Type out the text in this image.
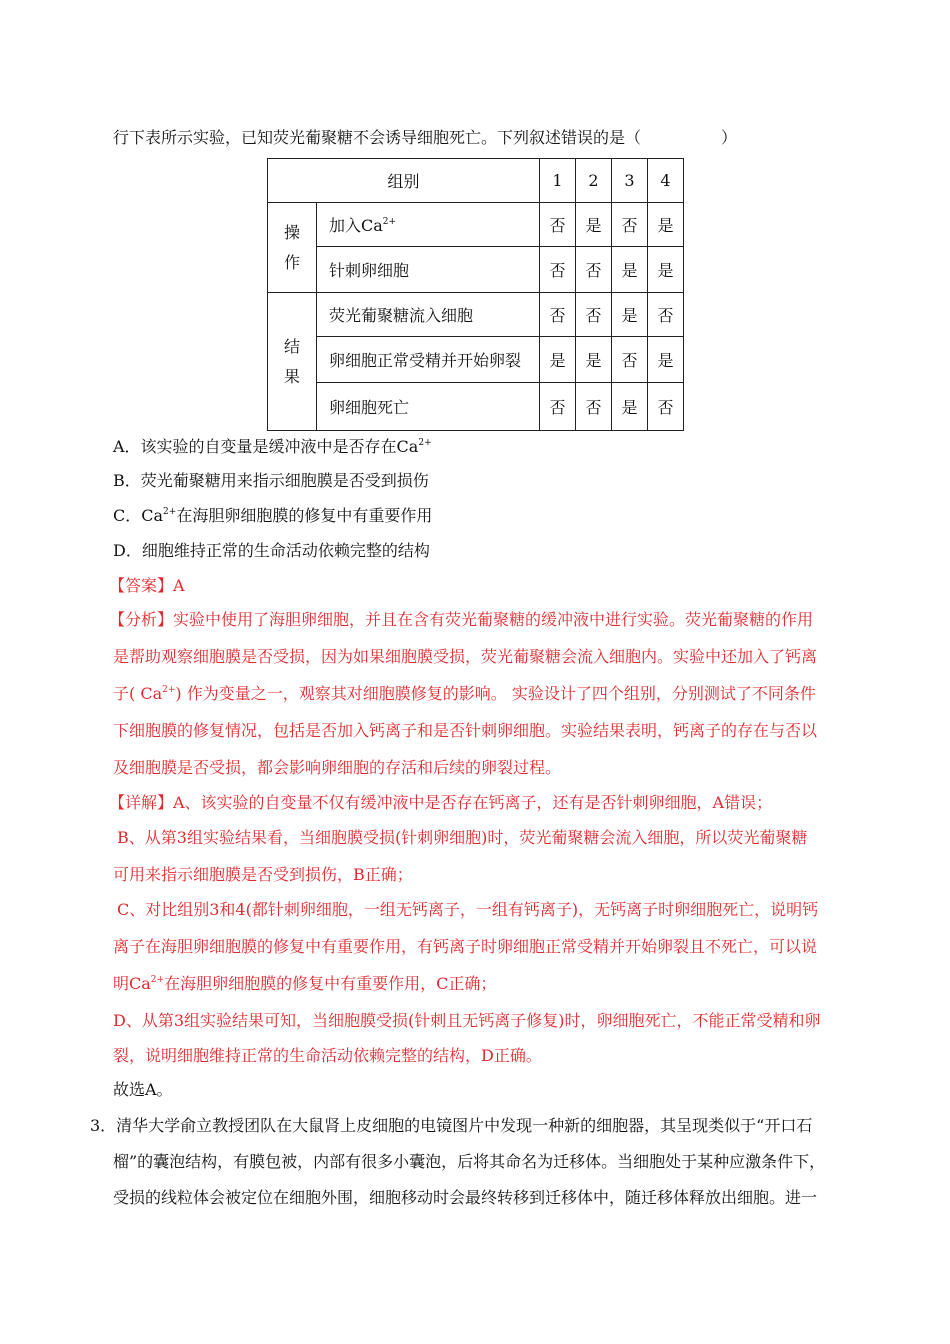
行下表所示实验，已知荧光葡聚糖不会诱导细胞死亡。下列叙述错误的是（　　　　　）
组别		1	2	3	4
操作	加入$Ca^{2+}$	否	是	否	是
	针刺卵细胞	否	否	是	是
结果	荧光葡聚糖流入细胞	否	否	是	否
	卵细胞正常受精并开始卵裂	是	是	否	是
	卵细胞死亡	否	否	是	否
A．该实验的自变量是缓冲液中是否存在$Ca^{2+}$
B．荧光葡聚糖用来指示细胞膜是否受到损伤
C．$Ca^{2+}$在海胆卵细胞膜的修复中有重要作用
D．细胞维持正常的生命活动依赖完整的结构
【答案】A
【分析】实验中使用了海胆卵细胞，并且在含有荧光葡聚糖的缓冲液中进行实验。荧光葡聚糖的作用
是帮助观察细胞膜是否受损，因为如果细胞膜受损，荧光葡聚糖会流入细胞内。实验中还加入了钙离
子( $Ca^{2+}$) 作为变量之一，观察其对细胞膜修复的影响。 实验设计了四个组别，分别测试了不同条件
下细胞膜的修复情况，包括是否加入钙离子和是否针刺卵细胞。实验结果表明，钙离子的存在与否以
及细胞膜是否受损，都会影响卵细胞的存活和后续的卵裂过程。
【详解】A、该实验的自变量不仅有缓冲液中是否存在钙离子，还有是否针刺卵细胞，A错误；
B、从第3组实验结果看，当细胞膜受损(针刺卵细胞)时，荧光葡聚糖会流入细胞，所以荧光葡聚糖
可用来指示细胞膜是否受到损伤，B正确；
C、对比组别3和4(都针刺卵细胞，一组无钙离子，一组有钙离子)，无钙离子时卵细胞死亡，说明钙
离子在海胆卵细胞膜的修复中有重要作用，有钙离子时卵细胞正常受精并开始卵裂且不死亡，可以说
明$Ca^{2+}$在海胆卵细胞膜的修复中有重要作用，C正确；
D、从第3组实验结果可知，当细胞膜受损(针刺且无钙离子修复)时，卵细胞死亡，不能正常受精和卵
裂，说明细胞维持正常的生命活动依赖完整的结构，D正确。
故选A。
3．清华大学俞立教授团队在大鼠肾上皮细胞的电镜图片中发现一种新的细胞器，其呈现类似于“开口石
榴”的囊泡结构，有膜包被，内部有很多小囊泡，后将其命名为迁移体。当细胞处于某种应激条件下，
受损的线粒体会被定位在细胞外围，细胞移动时会最终转移到迁移体中，随迁移体释放出细胞。进一
